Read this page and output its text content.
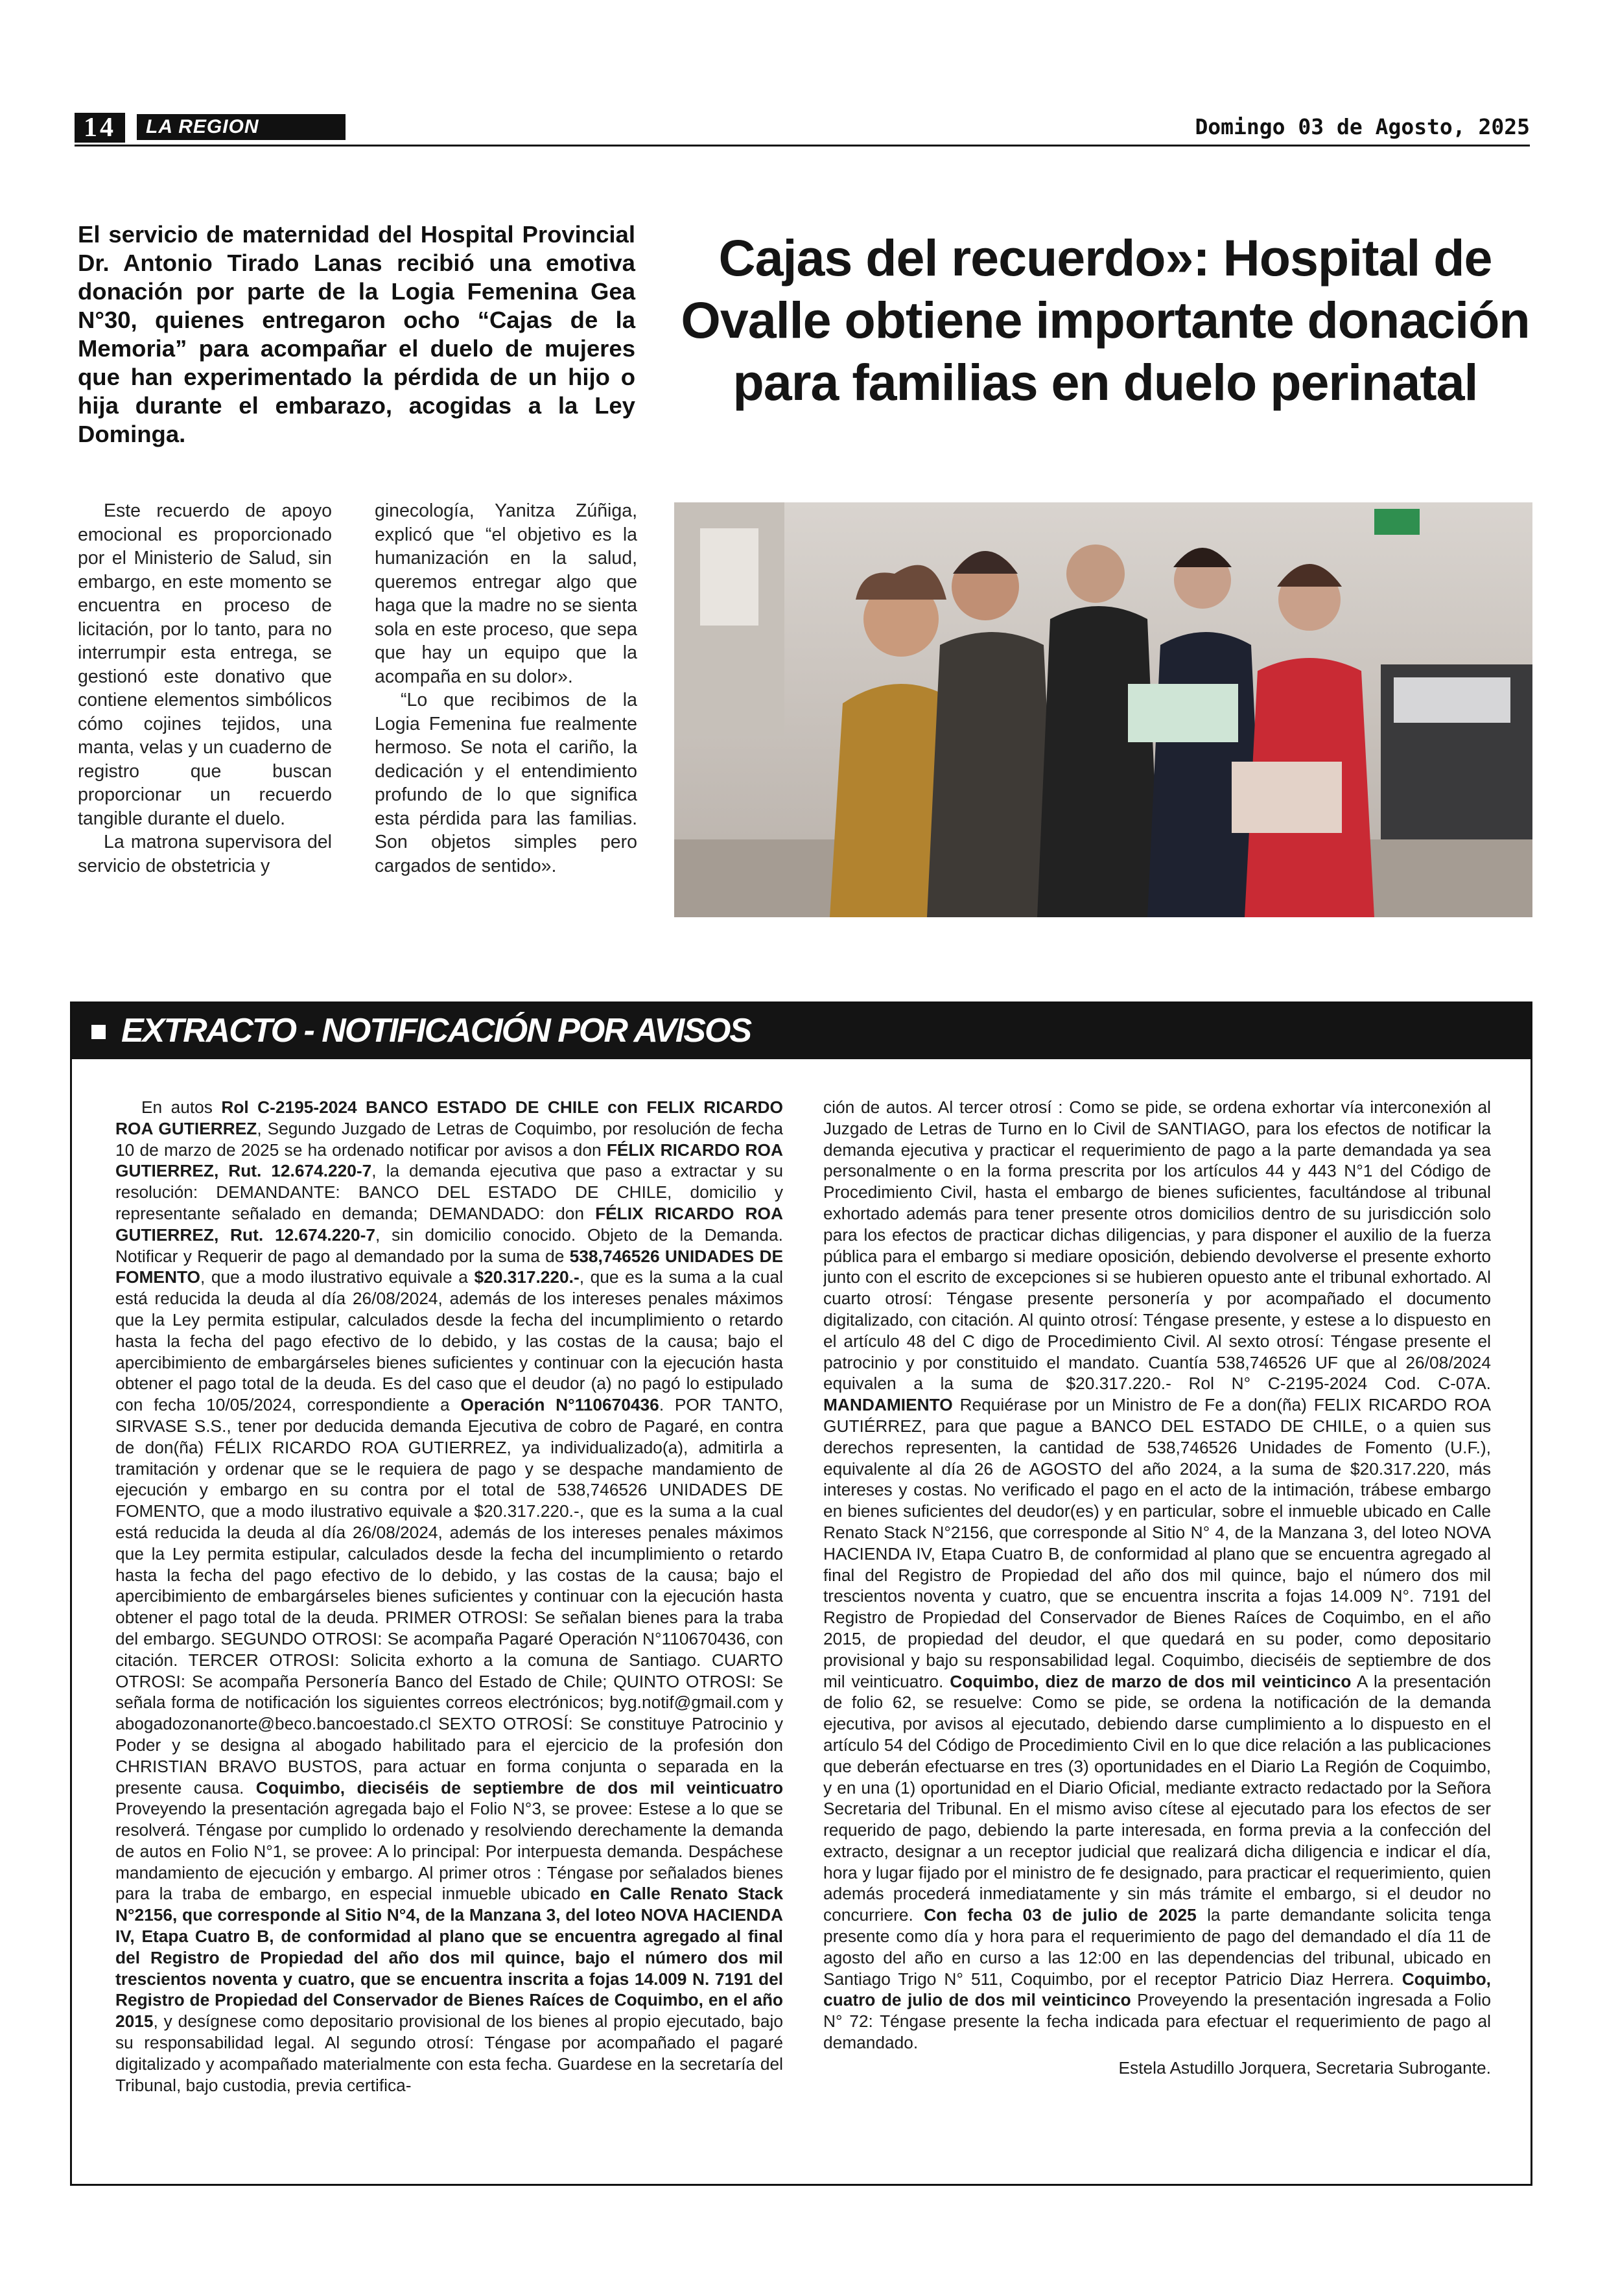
14	LA REGION	Domingo 03 de Agosto, 2025
El servicio de maternidad del Hospital Provincial Dr. Antonio Tirado Lanas recibió una emotiva donación por parte de la Logia Femenina Gea N°30, quienes entregaron ocho “Cajas de la Memoria” para acompañar el duelo de mujeres que han experimentado la pérdida de un hijo o hija durante el embarazo, acogidas a la Ley Dominga.
Cajas del recuerdo»: Hospital de Ovalle obtiene importante donación para familias en duelo perinatal

Este recuerdo de apoyo emocional es proporcionado por el Ministerio de Salud, sin embargo, en este momento se encuentra en proceso de licitación, por lo tanto, para no interrumpir esta entrega, se gestionó este donativo que contiene elementos simbólicos cómo cojines tejidos, una manta, velas y un cuaderno de registro que buscan proporcionar un recuerdo tangible durante el duelo.

La matrona supervisora del servicio de obstetricia y

ginecología, Yanitza Zúñiga, explicó que “el objetivo es la humanización en la salud, queremos entregar algo que haga que la madre no se sienta sola en este proceso, que sepa que hay un equipo que la acompaña en su dolor».

“Lo que recibimos de la Logia Femenina fue realmente hermoso. Se nota el cariño, la dedicación y el entendimiento profundo de lo que significa esta pérdida para las familias. Son objetos simples pero cargados de sentido».

EXTRACTO - NOTIFICACIÓN POR AVISOS

En autos Rol C-2195-2024 BANCO ESTADO DE CHILE con FELIX RICARDO ROA GUTIERREZ, Segundo Juzgado de Letras de Coquimbo, por resolución de fecha 10 de marzo de 2025 se ha ordenado notificar por avisos a don FÉLIX RICARDO ROA GUTIERREZ, Rut. 12.674.220-7, la demanda ejecutiva que paso a extractar y su resolución: DEMANDANTE: BANCO DEL ESTADO DE CHILE, domicilio y representante señalado en demanda; DEMANDADO: don FÉLIX RICARDO ROA GUTIERREZ, Rut. 12.674.220-7, sin domicilio conocido. Objeto de la Demanda. Notificar y Requerir de pago al demandado por la suma de 538,746526 UNIDADES DE FOMENTO, que a modo ilustrativo equivale a $20.317.220.-, que es la suma a la cual está reducida la deuda al día 26/08/2024, además de los intereses penales máximos que la Ley permita estipular, calculados desde la fecha del incumplimiento o retardo hasta la fecha del pago efectivo de lo debido, y las costas de la causa; bajo el apercibimiento de embargárseles bienes suficientes y continuar con la ejecución hasta obtener el pago total de la deuda. Es del caso que el deudor (a) no pagó lo estipulado con fecha 10/05/2024, correspondiente a Operación N°110670436. POR TANTO, SIRVASE S.S., tener por deducida demanda Ejecutiva de cobro de Pagaré, en contra de don(ña) FÉLIX RICARDO ROA GUTIERREZ, ya individualizado(a), admitirla a tramitación y ordenar que se le requiera de pago y se despache mandamiento de ejecución y embargo en su contra por el total de 538,746526 UNIDADES DE FOMENTO, que a modo ilustrativo equivale a $20.317.220.-, que es la suma a la cual está reducida la deuda al día 26/08/2024, además de los intereses penales máximos que la Ley permita estipular, calculados desde la fecha del incumplimiento o retardo hasta la fecha del pago efectivo de lo debido, y las costas de la causa; bajo el apercibimiento de embargárseles bienes suficientes y continuar con la ejecución hasta obtener el pago total de la deuda. PRIMER OTROSI: Se señalan bienes para la traba del embargo. SEGUNDO OTROSI: Se acompaña Pagaré Operación N°110670436, con citación. TERCER OTROSI: Solicita exhorto a la comuna de Santiago. CUARTO OTROSI: Se acompaña Personería Banco del Estado de Chile; QUINTO OTROSI: Se señala forma de notificación los siguientes correos electrónicos; byg.notif@gmail.com y abogadozonanorte@beco.bancoestado.cl SEXTO OTROSÍ: Se constituye Patrocinio y Poder y se designa al abogado habilitado para el ejercicio de la profesión don CHRISTIAN BRAVO BUSTOS, para actuar en forma conjunta o separada en la presente causa. Coquimbo, dieciséis de septiembre de dos mil veinticuatro Proveyendo la presentación agregada bajo el Folio N°3, se provee: Estese a lo que se resolverá. Téngase por cumplido lo ordenado y resolviendo derechamente la demanda de autos en Folio N°1, se provee: A lo principal: Por interpuesta demanda. Despáchese mandamiento de ejecución y embargo. Al primer otros : Téngase por señalados bienes para la traba de embargo, en especial inmueble ubicado en Calle Renato Stack N°2156, que corresponde al Sitio N°4, de la Manzana 3, del loteo NOVA HACIENDA IV, Etapa Cuatro B, de conformidad al plano que se encuentra agregado al final del Registro de Propiedad del año dos mil quince, bajo el número dos mil trescientos noventa y cuatro, que se encuentra inscrita a fojas 14.009 N. 7191 del Registro de Propiedad del Conservador de Bienes Raíces de Coquimbo, en el año 2015, y desígnese como depositario provisional de los bienes al propio ejecutado, bajo su responsabilidad legal. Al segundo otrosí: Téngase por acompañado el pagaré digitalizado y acompañado materialmente con esta fecha. Guardese en la secretaría del Tribunal, bajo custodia, previa certifica-

ción de autos. Al tercer otrosí : Como se pide, se ordena exhortar vía interconexión al Juzgado de Letras de Turno en lo Civil de SANTIAGO, para los efectos de notificar la demanda ejecutiva y practicar el requerimiento de pago a la parte demandada ya sea personalmente o en la forma prescrita por los artículos 44 y 443 N°1 del Código de Procedimiento Civil, hasta el embargo de bienes suficientes, facultándose al tribunal exhortado además para tener presente otros domicilios dentro de su jurisdicción solo para los efectos de practicar dichas diligencias, y para disponer el auxilio de la fuerza pública para el embargo si mediare oposición, debiendo devolverse el presente exhorto junto con el escrito de excepciones si se hubieren opuesto ante el tribunal exhortado. Al cuarto otrosí: Téngase presente personería y por acompañado el documento digitalizado, con citación. Al quinto otrosí: Téngase presente, y estese a lo dispuesto en el artículo 48 del C digo de Procedimiento Civil. Al sexto otrosí: Téngase presente el patrocinio y por constituido el mandato. Cuantía 538,746526 UF que al 26/08/2024 equivalen a la suma de $20.317.220.- Rol N° C-2195-2024 Cod. C-07A. MANDAMIENTO Requiérase por un Ministro de Fe a don(ña) FELIX RICARDO ROA GUTIÉRREZ, para que pague a BANCO DEL ESTADO DE CHILE, o a quien sus derechos representen, la cantidad de 538,746526 Unidades de Fomento (U.F.), equivalente al día 26 de AGOSTO del año 2024, a la suma de $20.317.220, más intereses y costas. No verificado el pago en el acto de la intimación, trábese embargo en bienes suficientes del deudor(es) y en particular, sobre el inmueble ubicado en Calle Renato Stack N°2156, que corresponde al Sitio N° 4, de la Manzana 3, del loteo NOVA HACIENDA IV, Etapa Cuatro B, de conformidad al plano que se encuentra agregado al final del Registro de Propiedad del año dos mil quince, bajo el número dos mil trescientos noventa y cuatro, que se encuentra inscrita a fojas 14.009 N°. 7191 del Registro de Propiedad del Conservador de Bienes Raíces de Coquimbo, en el año 2015, de propiedad del deudor, el que quedará en su poder, como depositario provisional y bajo su responsabilidad legal. Coquimbo, dieciséis de septiembre de dos mil veinticuatro. Coquimbo, diez de marzo de dos mil veinticinco A la presentación de folio 62, se resuelve: Como se pide, se ordena la notificación de la demanda ejecutiva, por avisos al ejecutado, debiendo darse cumplimiento a lo dispuesto en el artículo 54 del Código de Procedimiento Civil en lo que dice relación a las publicaciones que deberán efectuarse en tres (3) oportunidades en el Diario La Región de Coquimbo, y en una (1) oportunidad en el Diario Oficial, mediante extracto redactado por la Señora Secretaria del Tribunal. En el mismo aviso cítese al ejecutado para los efectos de ser requerido de pago, debiendo la parte interesada, en forma previa a la confección del extracto, designar a un receptor judicial que realizará dicha diligencia e indicar el día, hora y lugar fijado por el ministro de fe designado, para practicar el requerimiento, quien además procederá inmediatamente y sin más trámite el embargo, si el deudor no concurriere. Con fecha 03 de julio de 2025 la parte demandante solicita tenga presente como día y hora para el requerimiento de pago del demandado el día 11 de agosto del año en curso a las 12:00 en las dependencias del tribunal, ubicado en Santiago Trigo N° 511, Coquimbo, por el receptor Patricio Diaz Herrera. Coquimbo, cuatro de julio de dos mil veinticinco Proveyendo la presentación ingresada a Folio N° 72: Téngase presente la fecha indicada para efectuar el requerimiento de pago al demandado.

Estela Astudillo Jorquera, Secretaria Subrogante.
